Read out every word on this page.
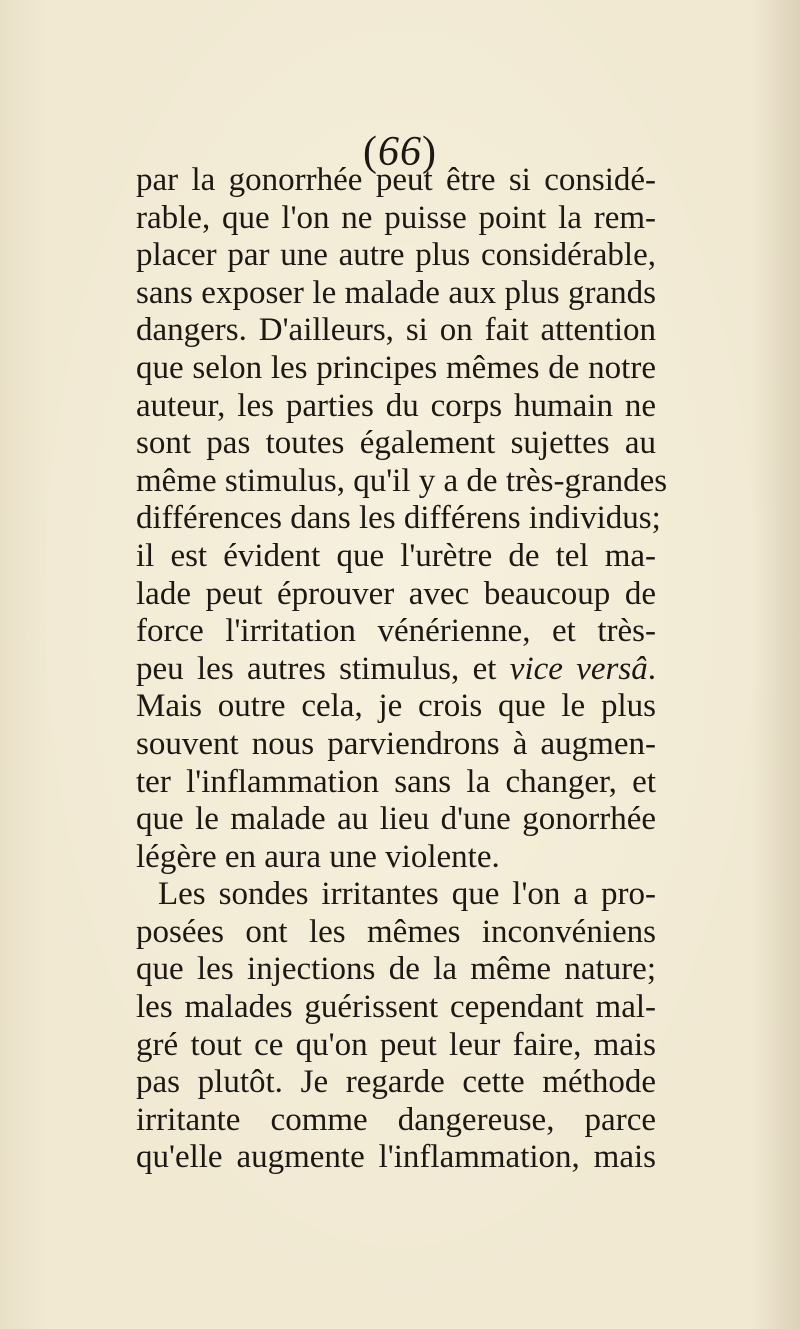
(66)
par la gonorrhée peut être si considé-
rable, que l'on ne puisse point la rem-
placer par une autre plus considérable,
sans exposer le malade aux plus grands
dangers. D'ailleurs, si on fait attention
que selon les principes mêmes de notre
auteur, les parties du corps humain ne
sont pas toutes également sujettes au
même stimulus, qu'il y a de très-grandes
différences dans les différens individus;
il est évident que l'urètre de tel ma-
lade peut éprouver avec beaucoup de
force l'irritation vénérienne, et très-
peu les autres stimulus, et vice versâ.
Mais outre cela, je crois que le plus
souvent nous parviendrons à augmen-
ter l'inflammation sans la changer, et
que le malade au lieu d'une gonorrhée
légère en aura une violente.
Les sondes irritantes que l'on a pro-
posées ont les mêmes inconvéniens
que les injections de la même nature;
les malades guérissent cependant mal-
gré tout ce qu'on peut leur faire, mais
pas plutôt. Je regarde cette méthode
irritante comme dangereuse, parce
qu'elle augmente l'inflammation, mais
